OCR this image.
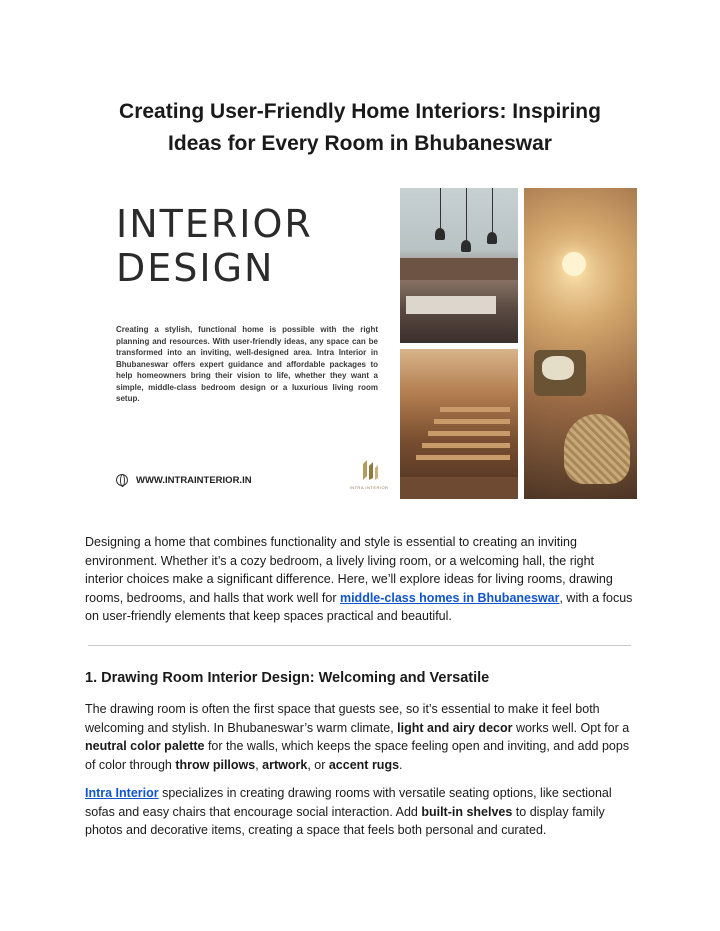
Creating User-Friendly Home Interiors: Inspiring
Ideas for Every Room in Bhubaneswar
INTERIOR
DESIGN
Creating a stylish, functional home is possible with the right planning and resources. With user-friendly ideas, any space can be transformed into an inviting, well-designed area. Intra Interior in Bhubaneswar offers expert guidance and affordable packages to help homeowners bring their vision to life, whether they want a simple, middle-class bedroom design or a luxurious living room setup.
WWW.INTRAINTERIOR.IN
INTRA INTERIOR

Designing a home that combines functionality and style is essential to creating an inviting environment. Whether it’s a cozy bedroom, a lively living room, or a welcoming hall, the right interior choices make a significant difference. Here, we’ll explore ideas for living rooms, drawing rooms, bedrooms, and halls that work well for middle-class homes in Bhubaneswar, with a focus on user-friendly elements that keep spaces practical and beautiful.

1. Drawing Room Interior Design: Welcoming and Versatile

The drawing room is often the first space that guests see, so it’s essential to make it feel both welcoming and stylish. In Bhubaneswar’s warm climate, light and airy decor works well. Opt for a neutral color palette for the walls, which keeps the space feeling open and inviting, and add pops of color through throw pillows, artwork, or accent rugs.

Intra Interior specializes in creating drawing rooms with versatile seating options, like sectional sofas and easy chairs that encourage social interaction. Add built-in shelves to display family photos and decorative items, creating a space that feels both personal and curated.
